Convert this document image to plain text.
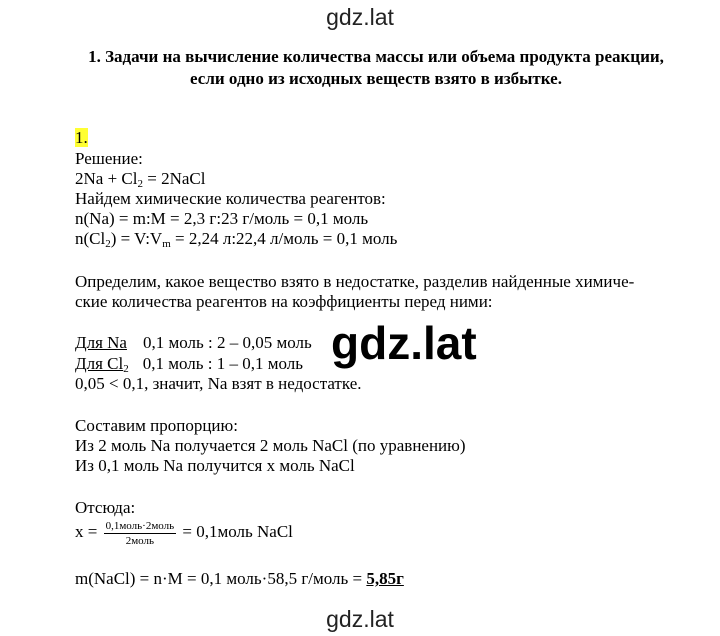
gdz.lat
1. Задачи на вычисление количества массы или объема продукта реакции, если одно из исходных веществ взято в избытке.
1.
Решение:
$2Na + Cl_2$ = 2NaCl
Найдем химические количества реагентов:
n(Na) = m:M = 2,3 г:23 г/моль = 0,1 моль
$n(Cl_2)$ = $V:V_m = 2,24$ л:22,4 л/моль = 0,1 моль
Определим, какое вещество взято в недостатке, разделив найденные химиче-
ские количества реагентов на коэффициенты перед ними:
Для Na 0,1 моль : 2 – 0,05 моль
Для $Cl_2$ 0,1 моль : 1 – 0,1 моль
0,05 < 0,1, значит, Na взят в недостатке.
Составим пропорцию:
Из 2 моль Na получается 2 моль NaCl (по уравнению)
Из 0,1 моль Na получится x моль NaCl
Отсюда:
$x = \frac{\text{0,1моль·2моль}}{\text{2моль}}$ = 0,1моль NaCl
m(NaCl) = n·M = 0,1 моль·58,5 г/моль = 5,85г
gdz.lat
gdz.lat
